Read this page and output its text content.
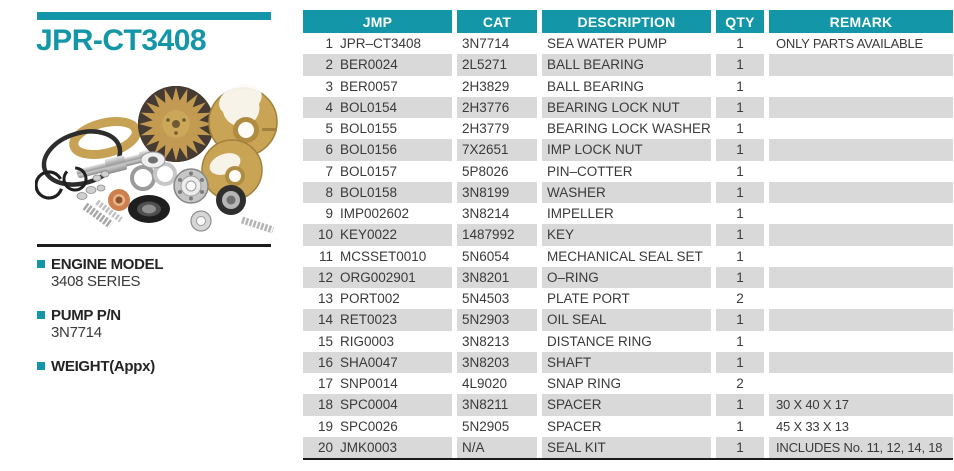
JPR-CT3408
ENGINE MODEL
3408 SERIES
PUMP P/N
3N7714
WEIGHT(Appx)
JMP	CAT	DESCRIPTION	QTY	REMARK
1 JPR–CT3408	3N7714	SEA WATER PUMP	1	ONLY PARTS AVAILABLE
2 BER0024	2L5271	BALL BEARING	1
3 BER0057	2H3829	BALL BEARING	1
4 BOL0154	2H3776	BEARING LOCK NUT	1
5 BOL0155	2H3779	BEARING LOCK WASHER	1
6 BOL0156	7X2651	IMP LOCK NUT	1
7 BOL0157	5P8026	PIN–COTTER	1
8 BOL0158	3N8199	WASHER	1
9 IMP002602	3N8214	IMPELLER	1
10 KEY0022	1487992	KEY	1
11 MCSSET0010	5N6054	MECHANICAL SEAL SET	1
12 ORG002901	3N8201	O–RING	1
13 PORT002	5N4503	PLATE PORT	2
14 RET0023	5N2903	OIL SEAL	1
15 RIG0003	3N8213	DISTANCE RING	1
16 SHA0047	3N8203	SHAFT	1
17 SNP0014	4L9020	SNAP RING	2
18 SPC0004	3N8211	SPACER	1	30 X 40 X 17
19 SPC0026	5N2905	SPACER	1	45 X 33 X 13
20 JMK0003	N/A	SEAL KIT	1	INCLUDES No. 11, 12, 14, 18
